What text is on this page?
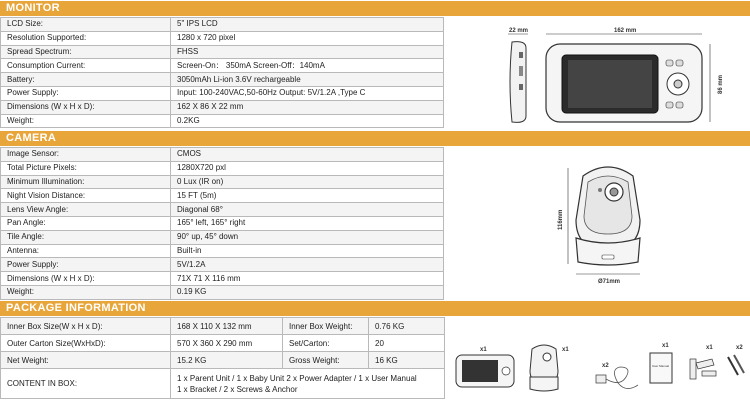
MONITOR
LCD Size:	5" IPS LCD
Resolution Supported:	1280 x 720 pixel
Spread Spectrum:	FHSS
Consumption Current:	Screen-On： 350mA Screen-Off：140mA
Battery:	3050mAh Li-ion 3.6V rechargeable
Power Supply:	Input: 100-240VAC,50-60Hz Output: 5V/1.2A ,Type C
Dimensions (W x H x D):	162 X 86 X 22 mm
Weight:	0.2KG
22 mm	162 mm
86 mm
CAMERA
Image Sensor:	CMOS
Total Picture Pixels:	1280X720 pxl
Minimum Illumination:	0 Lux (IR on)
Night Vision Distance:	15 FT (5m)
Lens View Angle:	Diagonal 68°
Pan Angle:	165° left, 165° right
Tile Angle:	90° up, 45° down
Antenna:	Built-in
Power Supply:	5V/1.2A
Dimensions (W x H x D):	71X 71 X 116 mm
Weight:	0.19 KG
116mm
Ø71mm
PACKAGE INFORMATION
Inner Box Size(W x H x D):	168 X 110 X 132 mm	Inner Box Weight:	0.76 KG
Outer Carton Size(WxHxD):	570 X 360 X 290 mm	Set/Carton:	20
Net Weight:	15.2 KG	Gross Weight:	16 KG
CONTENT IN BOX:	1 x Parent Unit / 1 x Baby Unit 2 x Power Adapter / 1 x User Manual
1 x Bracket / 2 x Screws & Anchor		
x1	x1
x2	User Manual
x1	x1	x2
